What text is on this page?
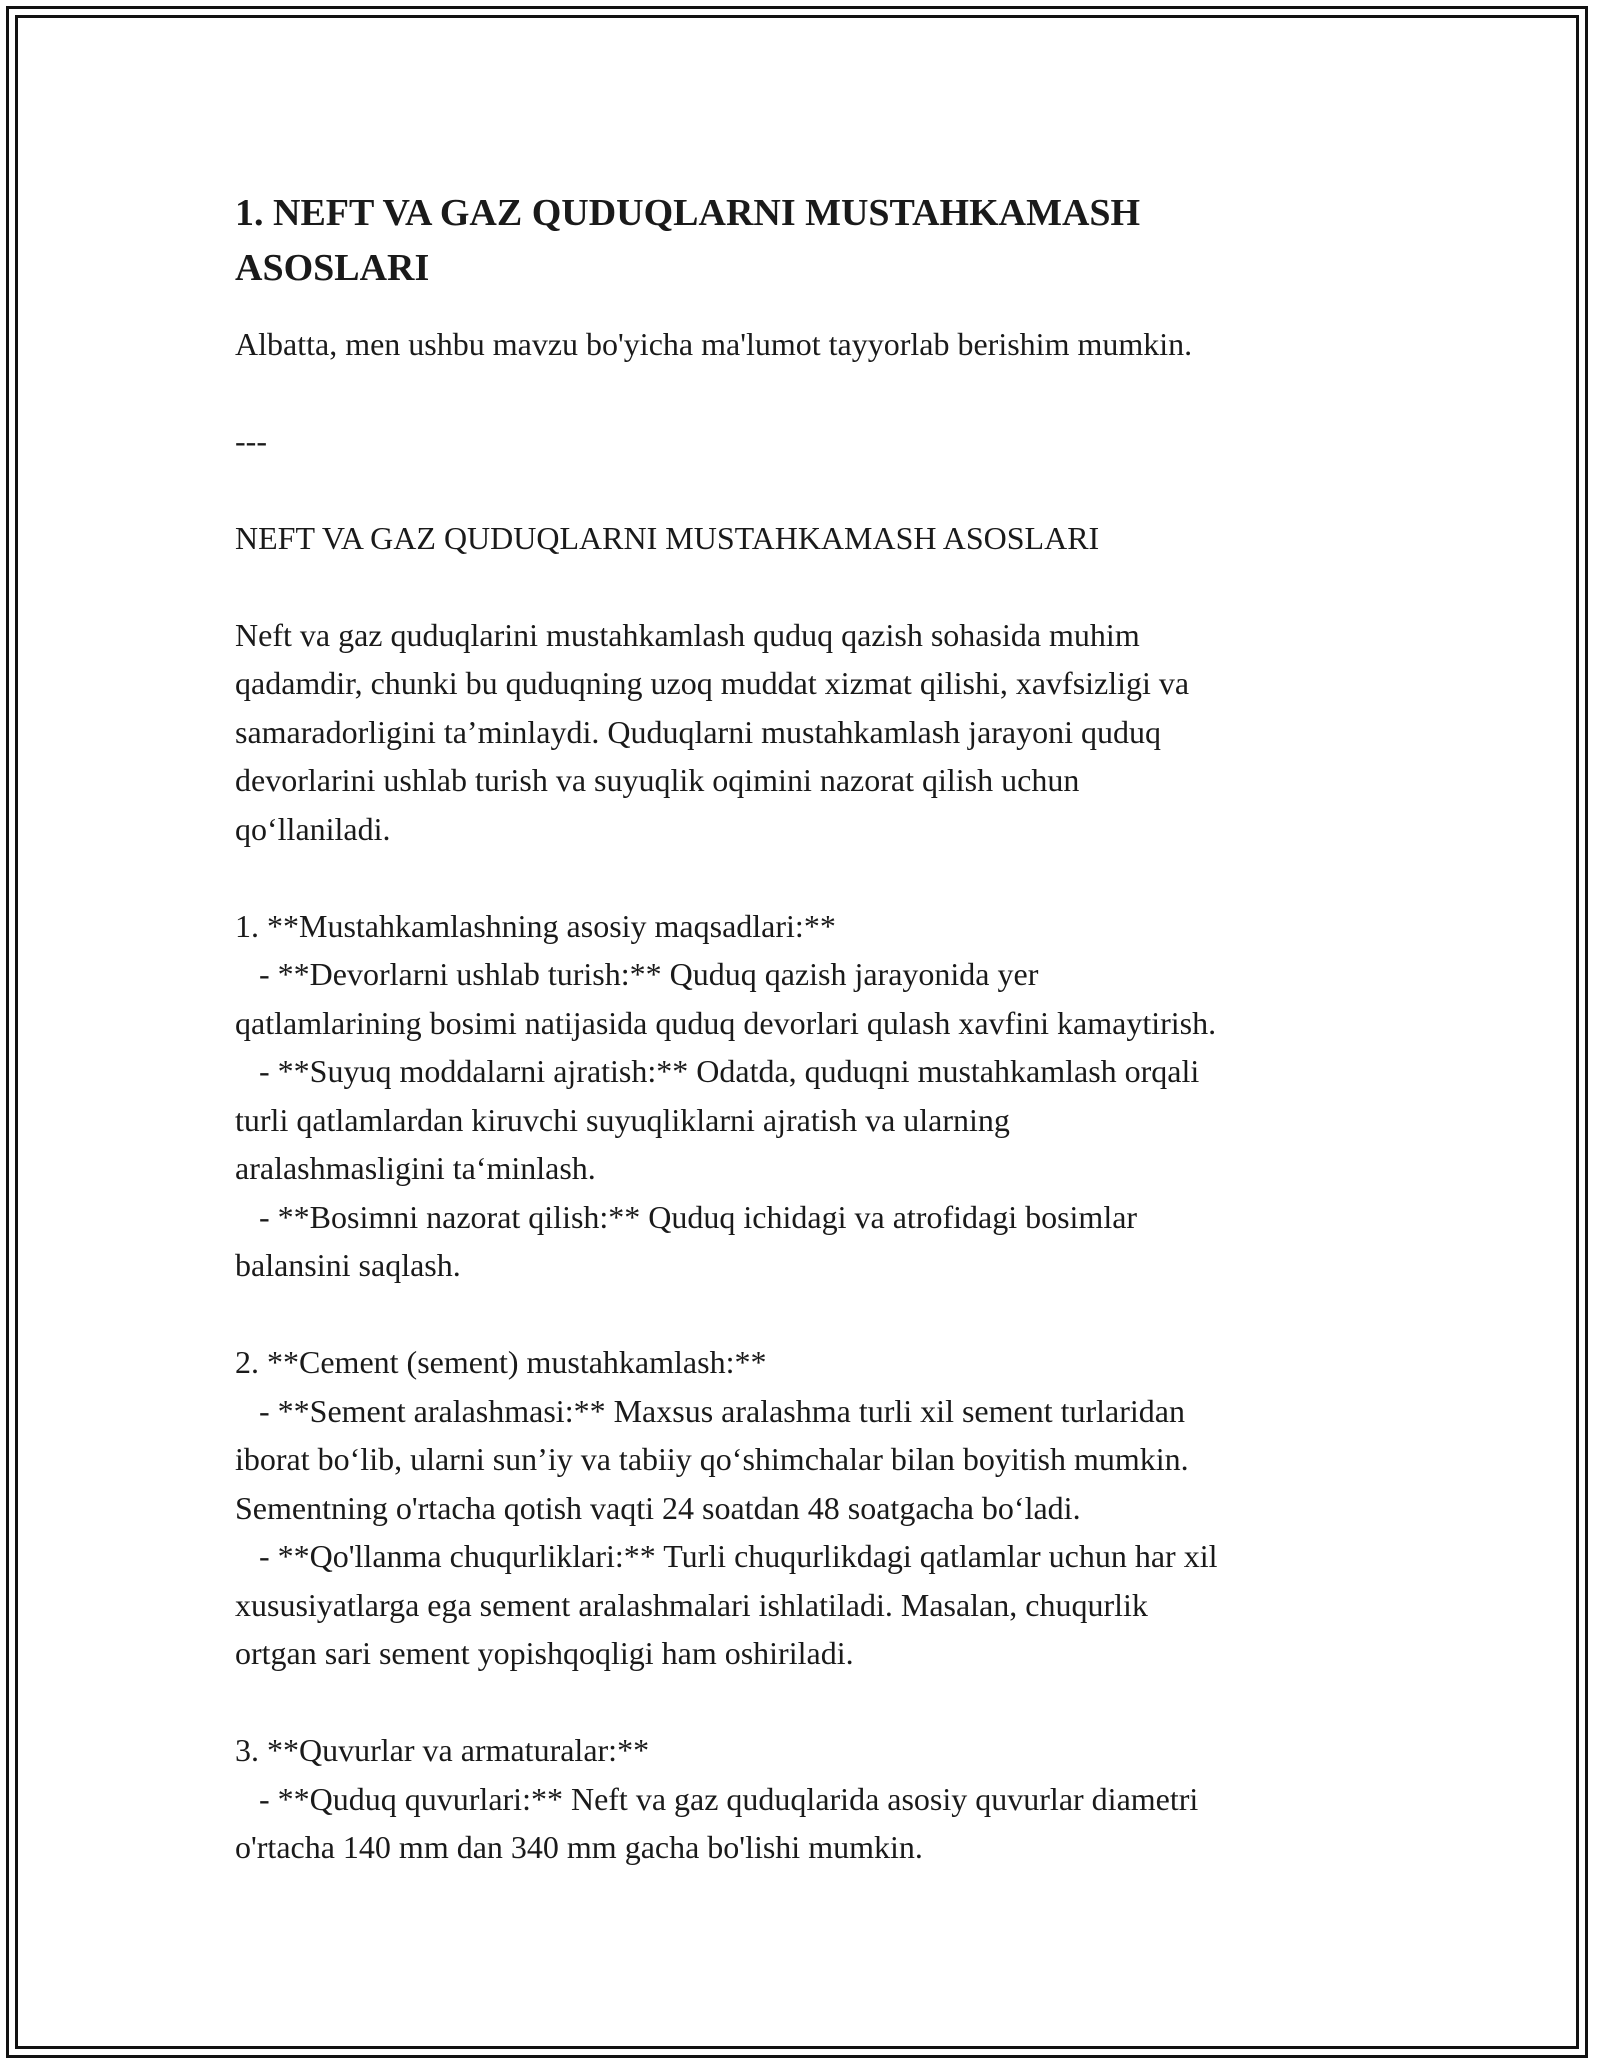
1. NEFT VA GAZ QUDUQLARNI MUSTAHKAMASH
ASOSLARI

Albatta, men ushbu mavzu bo'yicha ma'lumot tayyorlab berishim mumkin.

---

NEFT VA GAZ QUDUQLARNI MUSTAHKAMASH ASOSLARI

Neft va gaz quduqlarini mustahkamlash quduq qazish sohasida muhim
qadamdir, chunki bu quduqning uzoq muddat xizmat qilishi, xavfsizligi va
samaradorligini ta’minlaydi. Quduqlarni mustahkamlash jarayoni quduq
devorlarini ushlab turish va suyuqlik oqimini nazorat qilish uchun
qo‘llaniladi.
1. **Mustahkamlashning asosiy maqsadlari:**
- **Devorlarni ushlab turish:** Quduq qazish jarayonida yer
qatlamlarining bosimi natijasida quduq devorlari qulash xavfini kamaytirish.
- **Suyuq moddalarni ajratish:** Odatda, quduqni mustahkamlash orqali
turli qatlamlardan kiruvchi suyuqliklarni ajratish va ularning
aralashmasligini ta‘minlash.
- **Bosimni nazorat qilish:** Quduq ichidagi va atrofidagi bosimlar
balansini saqlash.
2. **Cement (sement) mustahkamlash:**
- **Sement aralashmasi:** Maxsus aralashma turli xil sement turlaridan
iborat bo‘lib, ularni sun’iy va tabiiy qo‘shimchalar bilan boyitish mumkin.
Sementning o'rtacha qotish vaqti 24 soatdan 48 soatgacha bo‘ladi.
- **Qo'llanma chuqurliklari:** Turli chuqurlikdagi qatlamlar uchun har xil
xususiyatlarga ega sement aralashmalari ishlatiladi. Masalan, chuqurlik
ortgan sari sement yopishqoqligi ham oshiriladi.
3. **Quvurlar va armaturalar:**
- **Quduq quvurlari:** Neft va gaz quduqlarida asosiy quvurlar diametri
o'rtacha 140 mm dan 340 mm gacha bo'lishi mumkin.
